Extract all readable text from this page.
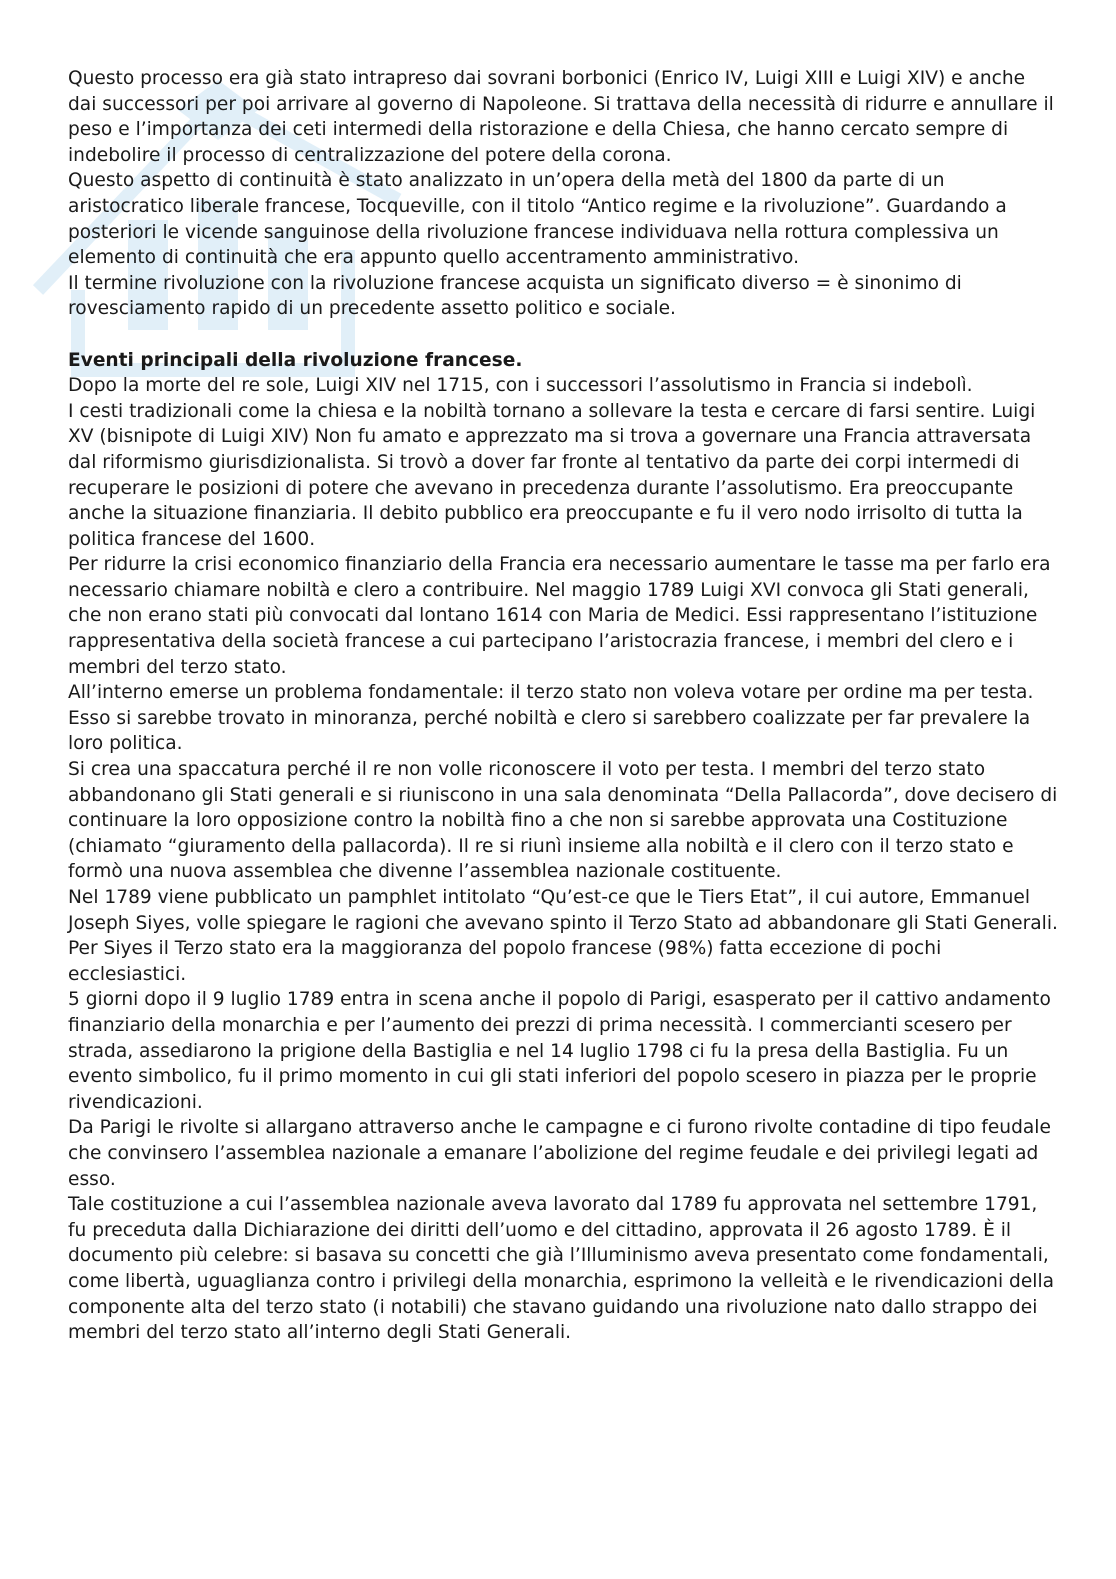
Questo processo era già stato intrapreso dai sovrani borbonici (Enrico IV, Luigi XIII e Luigi XIV) e anche dai successori per poi arrivare al governo di Napoleone. Si trattava della necessità di ridurre e annullare il peso e l’importanza dei ceti intermedi della ristorazione e della Chiesa, che hanno cercato sempre di indebolire il processo di centralizzazione del potere della corona.

Questo aspetto di continuità è stato analizzato in un’opera della metà del 1800 da parte di un aristocratico liberale francese, Tocqueville, con il titolo “Antico regime e la rivoluzione”. Guardando a posteriori le vicende sanguinose della rivoluzione francese individuava nella rottura complessiva un elemento di continuità che era appunto quello accentramento amministrativo.

Il termine rivoluzione con la rivoluzione francese acquista un significato diverso = è sinonimo di rovesciamento rapido di un precedente assetto politico e sociale.

Eventi principali della rivoluzione francese.

Dopo la morte del re sole, Luigi XIV nel 1715, con i successori l’assolutismo in Francia si indebolì.

I cesti tradizionali come la chiesa e la nobiltà tornano a sollevare la testa e cercare di farsi sentire. Luigi XV (bisnipote di Luigi XIV) Non fu amato e apprezzato ma si trova a governare una Francia attraversata dal riformismo giurisdizionalista. Si trovò a dover far fronte al tentativo da parte dei corpi intermedi di recuperare le posizioni di potere che avevano in precedenza durante l’assolutismo. Era preoccupante anche la situazione finanziaria. Il debito pubblico era preoccupante e fu il vero nodo irrisolto di tutta la politica francese del 1600.

Per ridurre la crisi economico finanziario della Francia era necessario aumentare le tasse ma per farlo era necessario chiamare nobiltà e clero a contribuire. Nel maggio 1789 Luigi XVI convoca gli Stati generali, che non erano stati più convocati dal lontano 1614 con Maria de Medici. Essi rappresentano l’istituzione rappresentativa della società francese a cui partecipano l’aristocrazia francese, i membri del clero e i membri del terzo stato.

All’interno emerse un problema fondamentale: il terzo stato non voleva votare per ordine ma per testa. Esso si sarebbe trovato in minoranza, perché nobiltà e clero si sarebbero coalizzate per far prevalere la loro politica.

Si crea una spaccatura perché il re non volle riconoscere il voto per testa. I membri del terzo stato abbandonano gli Stati generali e si riuniscono in una sala denominata “Della Pallacorda”, dove decisero di continuare la loro opposizione contro la nobiltà fino a che non si sarebbe approvata una Costituzione (chiamato “giuramento della pallacorda). Il re si riunì insieme alla nobiltà e il clero con il terzo stato e formò una nuova assemblea che divenne l’assemblea nazionale costituente.

Nel 1789 viene pubblicato un pamphlet intitolato “Qu’est-ce que le Tiers Etat”, il cui autore, Emmanuel Joseph Siyes, volle spiegare le ragioni che avevano spinto il Terzo Stato ad abbandonare gli Stati Generali. Per Siyes il Terzo stato era la maggioranza del popolo francese (98%) fatta eccezione di pochi ecclesiastici.

5 giorni dopo il 9 luglio 1789 entra in scena anche il popolo di Parigi, esasperato per il cattivo andamento finanziario della monarchia e per l’aumento dei prezzi di prima necessità. I commercianti scesero per strada, assediarono la prigione della Bastiglia e nel 14 luglio 1798 ci fu la presa della Bastiglia. Fu un evento simbolico, fu il primo momento in cui gli stati inferiori del popolo scesero in piazza per le proprie rivendicazioni.

Da Parigi le rivolte si allargano attraverso anche le campagne e ci furono rivolte contadine di tipo feudale che convinsero l’assemblea nazionale a emanare l’abolizione del regime feudale e dei privilegi legati ad esso.

Tale costituzione a cui l’assemblea nazionale aveva lavorato dal 1789 fu approvata nel settembre 1791, fu preceduta dalla Dichiarazione dei diritti dell’uomo e del cittadino, approvata il 26 agosto 1789. È il documento più celebre: si basava su concetti che già l’Illuminismo aveva presentato come fondamentali, come libertà, uguaglianza contro i privilegi della monarchia, esprimono la velleità e le rivendicazioni della componente alta del terzo stato (i notabili) che stavano guidando una rivoluzione nato dallo strappo dei membri del terzo stato all’interno degli Stati Generali.
